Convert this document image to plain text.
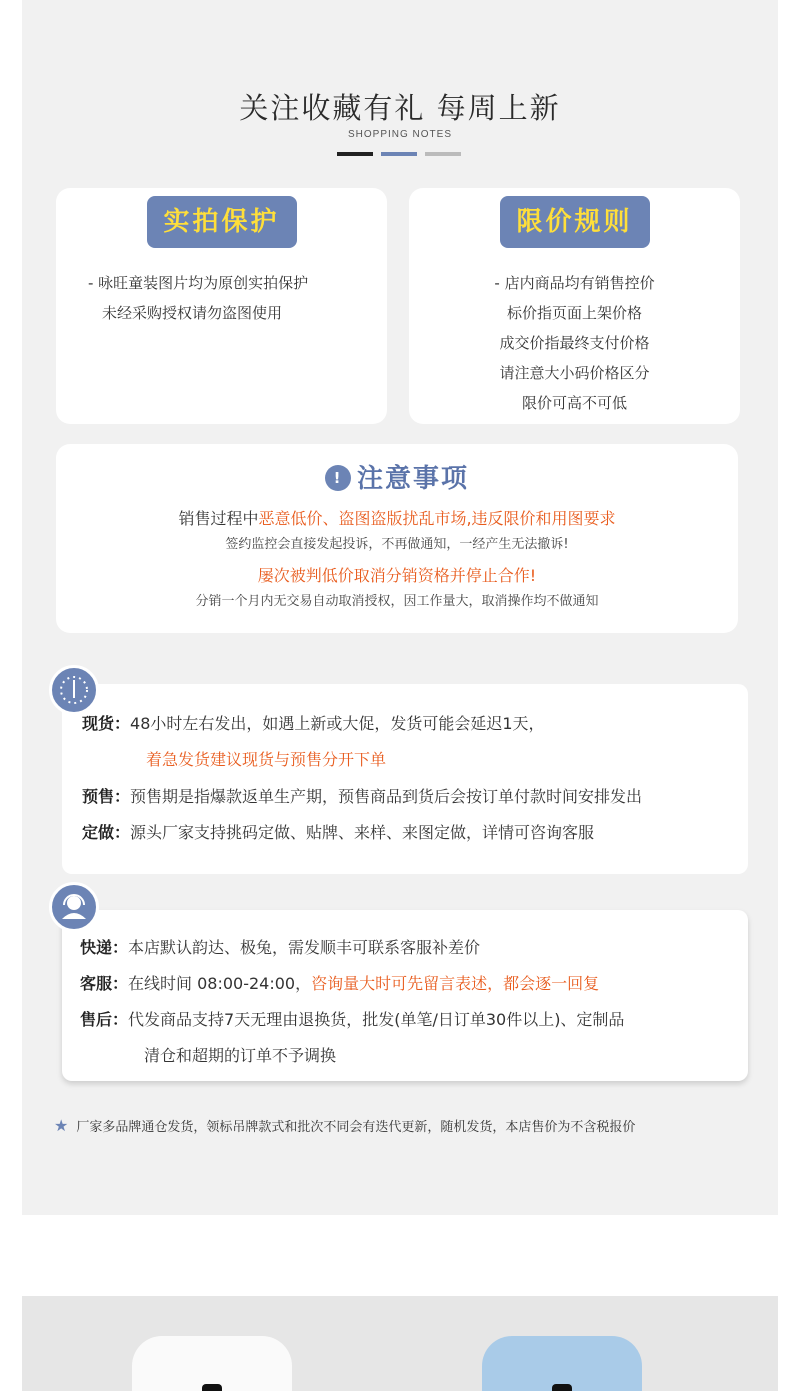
关注收藏有礼 每周上新
SHOPPING NOTES
实拍保护
- 咏旺童装图片均为原创实拍保护
未经采购授权请勿盗图使用
限价规则
- 店内商品均有销售控价
标价指页面上架价格
成交价指最终支付价格
请注意大小码价格区分
限价可高不可低
! 注意事项
销售过程中恶意低价、盗图盗版扰乱市场,违反限价和用图要求
签约监控会直接发起投诉，不再做通知，一经产生无法撤诉!
屡次被判低价取消分销资格并停止合作!
分销一个月内无交易自动取消授权，因工作量大，取消操作均不做通知
现货：48小时左右发出，如遇上新或大促，发货可能会延迟1天，
着急发货建议现货与预售分开下单
预售：预售期是指爆款返单生产期，预售商品到货后会按订单付款时间安排发出
定做：源头厂家支持挑码定做、贴牌、来样、来图定做，详情可咨询客服
快递：本店默认韵达、极兔，需发顺丰可联系客服补差价
客服：在线时间 08:00-24:00，咨询量大时可先留言表述，都会逐一回复
售后：代发商品支持7天无理由退换货，批发(单笔/日订单30件以上)、定制品
清仓和超期的订单不予调换
★ 厂家多品牌通仓发货，领标吊牌款式和批次不同会有迭代更新，随机发货，本店售价为不含税报价
